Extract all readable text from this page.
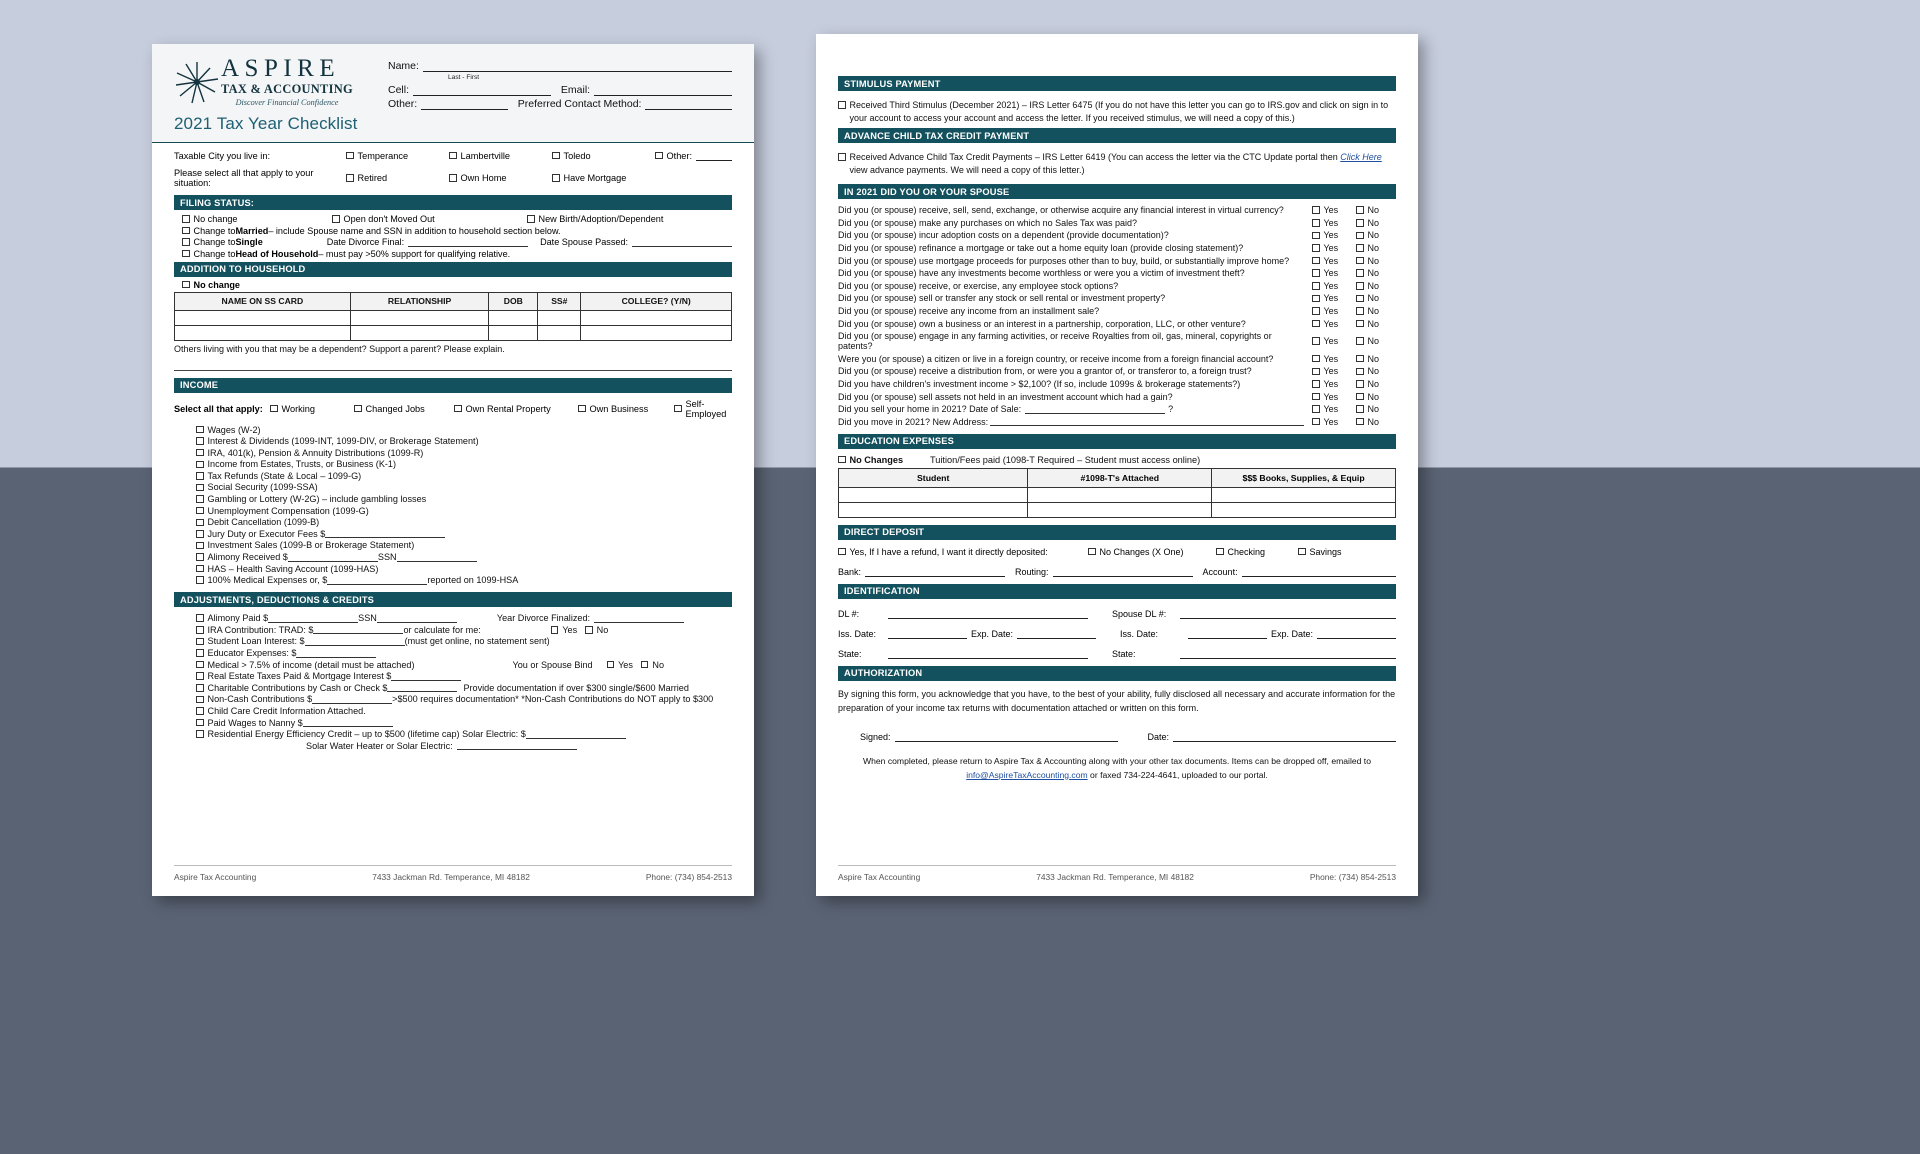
ASPIRE
TAX & ACCOUNTING
Discover Financial Confidence
2021 Tax Year Checklist
Name:
Last - First
Cell:	Email:
Other:	Preferred Contact Method:
Taxable City you live in:	Temperance	Lambertville	Toledo	Other:
Please select all that apply to your situation:	Retired	Own Home	Have Mortgage
FILING STATUS:
No change	Open don't Moved Out	New Birth/Adoption/Dependent
Change to Married – include Spouse name and SSN in addition to household section below.
Change to Single	Date Divorce Final:	Date Spouse Passed:
Change to Head of Household – must pay >50% support for qualifying relative.
ADDITION TO HOUSEHOLD
No change
NAME ON SS CARD	RELATIONSHIP	DOB	SS#	COLLEGE? (Y/N)

Others living with you that may be a dependent? Support a parent? Please explain.
INCOME
Select all that apply:	Working	Changed Jobs	Own Rental Property	Own Business	Self-Employed
Wages (W-2)
Interest & Dividends (1099-INT, 1099-DIV, or Brokerage Statement)
IRA, 401(k), Pension & Annuity Distributions (1099-R)
Income from Estates, Trusts, or Business (K-1)
Tax Refunds (State & Local – 1099-G)
Social Security (1099-SSA)
Gambling or Lottery (W-2G) – include gambling losses
Unemployment Compensation (1099-G)
Debit Cancellation (1099-B)
Jury Duty or Executor Fees $
Investment Sales (1099-B or Brokerage Statement)
Alimony Received $	SSN
HAS – Health Saving Account (1099-HAS)
100% Medical Expenses or, $	reported on 1099-HSA
ADJUSTMENTS, DEDUCTIONS & CREDITS
Alimony Paid $	SSN	Year Divorce Finalized:
IRA Contribution: TRAD: $	or calculate for me:	Yes No
Student Loan Interest: $	(must get online, no statement sent)
Educator Expenses: $
Medical > 7.5% of income (detail must be attached)	You or Spouse Bind	Yes No
Real Estate Taxes Paid & Mortgage Interest $
Charitable Contributions by Cash or Check $	Provide documentation if over $300 single/$600 Married
Non-Cash Contributions $	>$500 requires documentation* *Non-Cash Contributions do NOT apply to $300
Child Care Credit Information Attached.
Paid Wages to Nanny $
Residential Energy Efficiency Credit – up to $500 (lifetime cap) Solar Electric: $
Solar Water Heater or Solar Electric:
Aspire Tax Accounting	7433 Jackman Rd. Temperance, MI 48182	Phone: (734) 854-2513
STIMULUS PAYMENT
Received Third Stimulus (December 2021) – IRS Letter 6475 (If you do not have this letter you can go to IRS.gov and click on sign in to your account to access your account and access the letter. If you received stimulus, we will need a copy of this.)
ADVANCE CHILD TAX CREDIT PAYMENT
Received Advance Child Tax Credit Payments – IRS Letter 6419 (You can access the letter via the CTC Update portal then Click Here view advance payments. We will need a copy of this letter.)
IN 2021 DID YOU OR YOUR SPOUSE
Did you (or spouse) receive, sell, send, exchange, or otherwise acquire any financial interest in virtual currency?	Yes	No
Did you (or spouse) make any purchases on which no Sales Tax was paid?	Yes	No
Did you (or spouse) incur adoption costs on a dependent (provide documentation)?	Yes	No
Did you (or spouse) refinance a mortgage or take out a home equity loan (provide closing statement)?	Yes	No
Did you (or spouse) use mortgage proceeds for purposes other than to buy, build, or substantially improve home?	Yes	No
Did you (or spouse) have any investments become worthless or were you a victim of investment theft?	Yes	No
Did you (or spouse) receive, or exercise, any employee stock options?	Yes	No
Did you (or spouse) sell or transfer any stock or sell rental or investment property?	Yes	No
Did you (or spouse) receive any income from an installment sale?	Yes	No
Did you (or spouse) own a business or an interest in a partnership, corporation, LLC, or other venture?	Yes	No
Did you (or spouse) engage in any farming activities, or receive Royalties from oil, gas, mineral, copyrights or patents?	Yes	No
Were you (or spouse) a citizen or live in a foreign country, or receive income from a foreign financial account?	Yes	No
Did you (or spouse) receive a distribution from, or were you a grantor of, or transferor to, a foreign trust?	Yes	No
Did you have children's investment income > $2,100? (If so, include 1099s & brokerage statements?)	Yes	No
Did you (or spouse) sell assets not held in an investment account which had a gain?	Yes	No
Did you sell your home in 2021? Date of Sale:	?	Yes	No
Did you move in 2021? New Address:	Yes	No
EDUCATION EXPENSES
No Changes	Tuition/Fees paid (1098-T Required – Student must access online)
Student	#1098-T's Attached	$$$ Books, Supplies, & Equip

DIRECT DEPOSIT
Yes, If I have a refund, I want it directly deposited:	No Changes (X One)	Checking	Savings
Bank:	Routing:	Account:
IDENTIFICATION
DL #:	Spouse DL #:
Iss. Date:	Exp. Date:	Iss. Date:	Exp. Date:
State:	State:
AUTHORIZATION
By signing this form, you acknowledge that you have, to the best of your ability, fully disclosed all necessary and accurate information for the preparation of your income tax returns with documentation attached or written on this form.
Signed:	Date:
When completed, please return to Aspire Tax & Accounting along with your other tax documents. Items can be dropped off, emailed to info@AspireTaxAccounting.com or faxed 734-224-4641, uploaded to our portal.
Aspire Tax Accounting	7433 Jackman Rd. Temperance, MI 48182	Phone: (734) 854-2513
